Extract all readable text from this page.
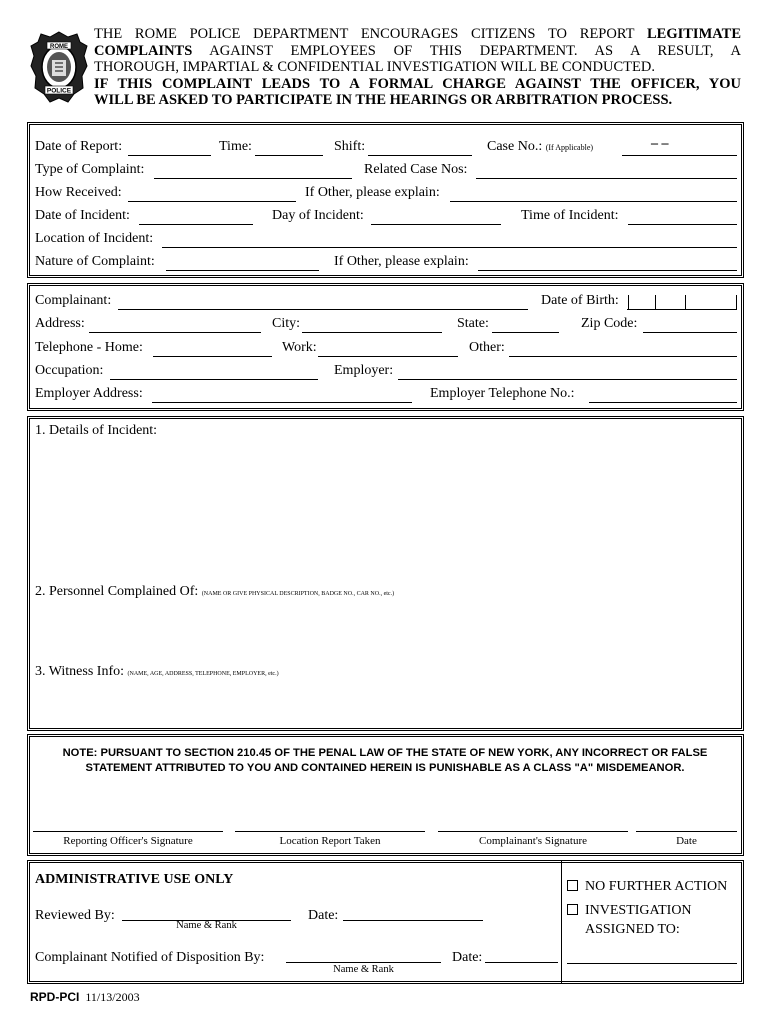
ROME
POLICE
THE ROME POLICE DEPARTMENT ENCOURAGES CITIZENS TO REPORT LEGITIMATE
COMPLAINTS AGAINST EMPLOYEES OF THIS DEPARTMENT. AS A RESULT, A
THOROUGH, IMPARTIAL & CONFIDENTIAL INVESTIGATION WILL BE CONDUCTED.
IF THIS COMPLAINT LEADS TO A FORMAL CHARGE AGAINST THE OFFICER, YOU
WILL BE ASKED TO PARTICIPATE IN THE HEARINGS OR ARBITRATION PROCESS.
Date of Report:	Time:	Shift:	Case No.: (If Applicable)	– –
Type of Complaint:	Related Case Nos:
How Received:	If Other, please explain:
Date of Incident:	Day of Incident:	Time of Incident:
Location of Incident:
Nature of Complaint:	If Other, please explain:
Complainant:	Date of Birth:
Address:	City:	State:	Zip Code:
Telephone - Home:	Work:	Other:
Occupation:	Employer:
Employer Address:	Employer Telephone No.:
1. Details of Incident:
2. Personnel Complained Of: (NAME OR GIVE PHYSICAL DESCRIPTION, BADGE NO., CAR NO., etc.)
3. Witness Info: (NAME, AGE, ADDRESS, TELEPHONE, EMPLOYER, etc.)
NOTE: PURSUANT TO SECTION 210.45 OF THE PENAL LAW OF THE STATE OF NEW YORK, ANY INCORRECT OR FALSE STATEMENT ATTRIBUTED TO YOU AND CONTAINED HEREIN IS PUNISHABLE AS A CLASS "A" MISDEMEANOR.
Reporting Officer's Signature	Location Report Taken	Complainant's Signature	Date
ADMINISTRATIVE USE ONLY
Reviewed By:
Name & Rank
Date:
Complainant Notified of Disposition By:
Name & Rank
Date:
NO FURTHER ACTION
INVESTIGATION
ASSIGNED TO:
RPD-PCI 11/13/2003
